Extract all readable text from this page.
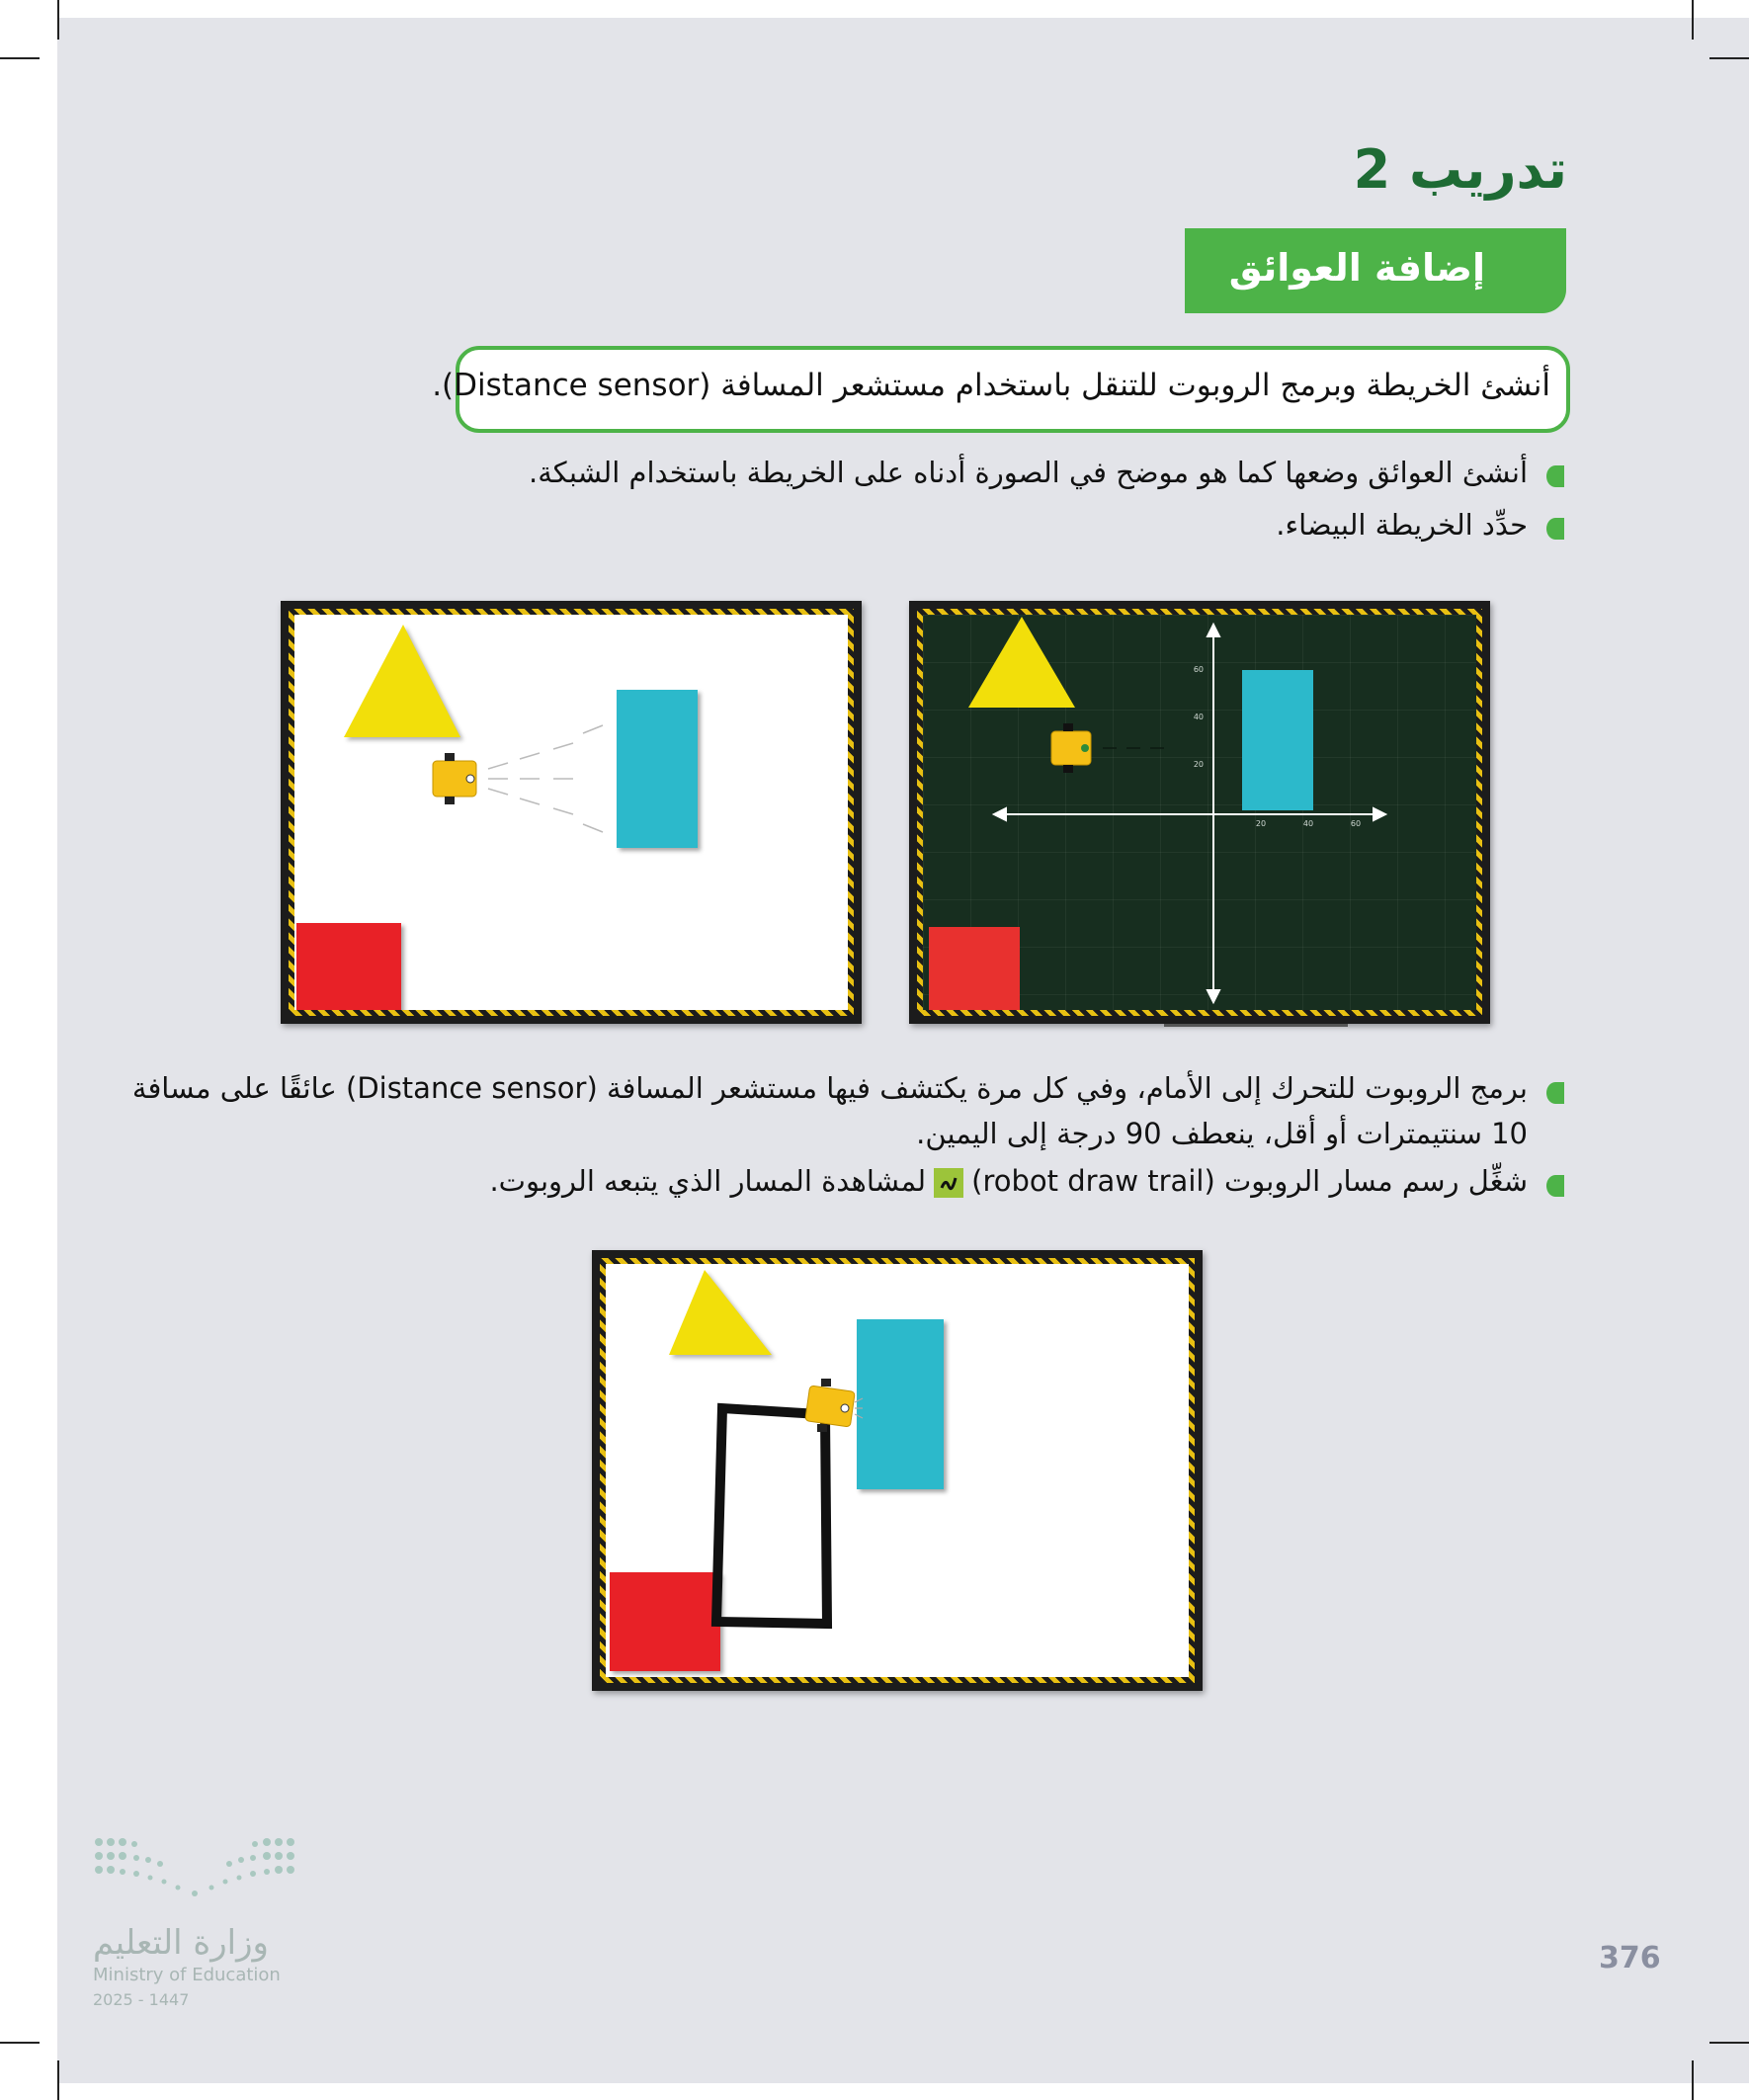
تدريب 2
إضافة العوائق
أنشئ الخريطة وبرمج الروبوت للتنقل باستخدام مستشعر المسافة (Distance sensor).
أنشئ العوائق وضعها كما هو موضح في الصورة أدناه على الخريطة باستخدام الشبكة.
حدِّد الخريطة البيضاء.
60
40
20
20	40	60
برمج الروبوت للتحرك إلى الأمام، وفي كل مرة يكتشف فيها مستشعر المسافة (Distance sensor) عائقًا على مسافة
10 سنتيمترات أو أقل، ينعطف 90 درجة إلى اليمين.
شغِّل رسم مسار الروبوت (robot draw trail)لمشاهدة المسار الذي يتبعه الروبوت.
وزارة التعليم
Ministry of Education
2025 - 1447
376
